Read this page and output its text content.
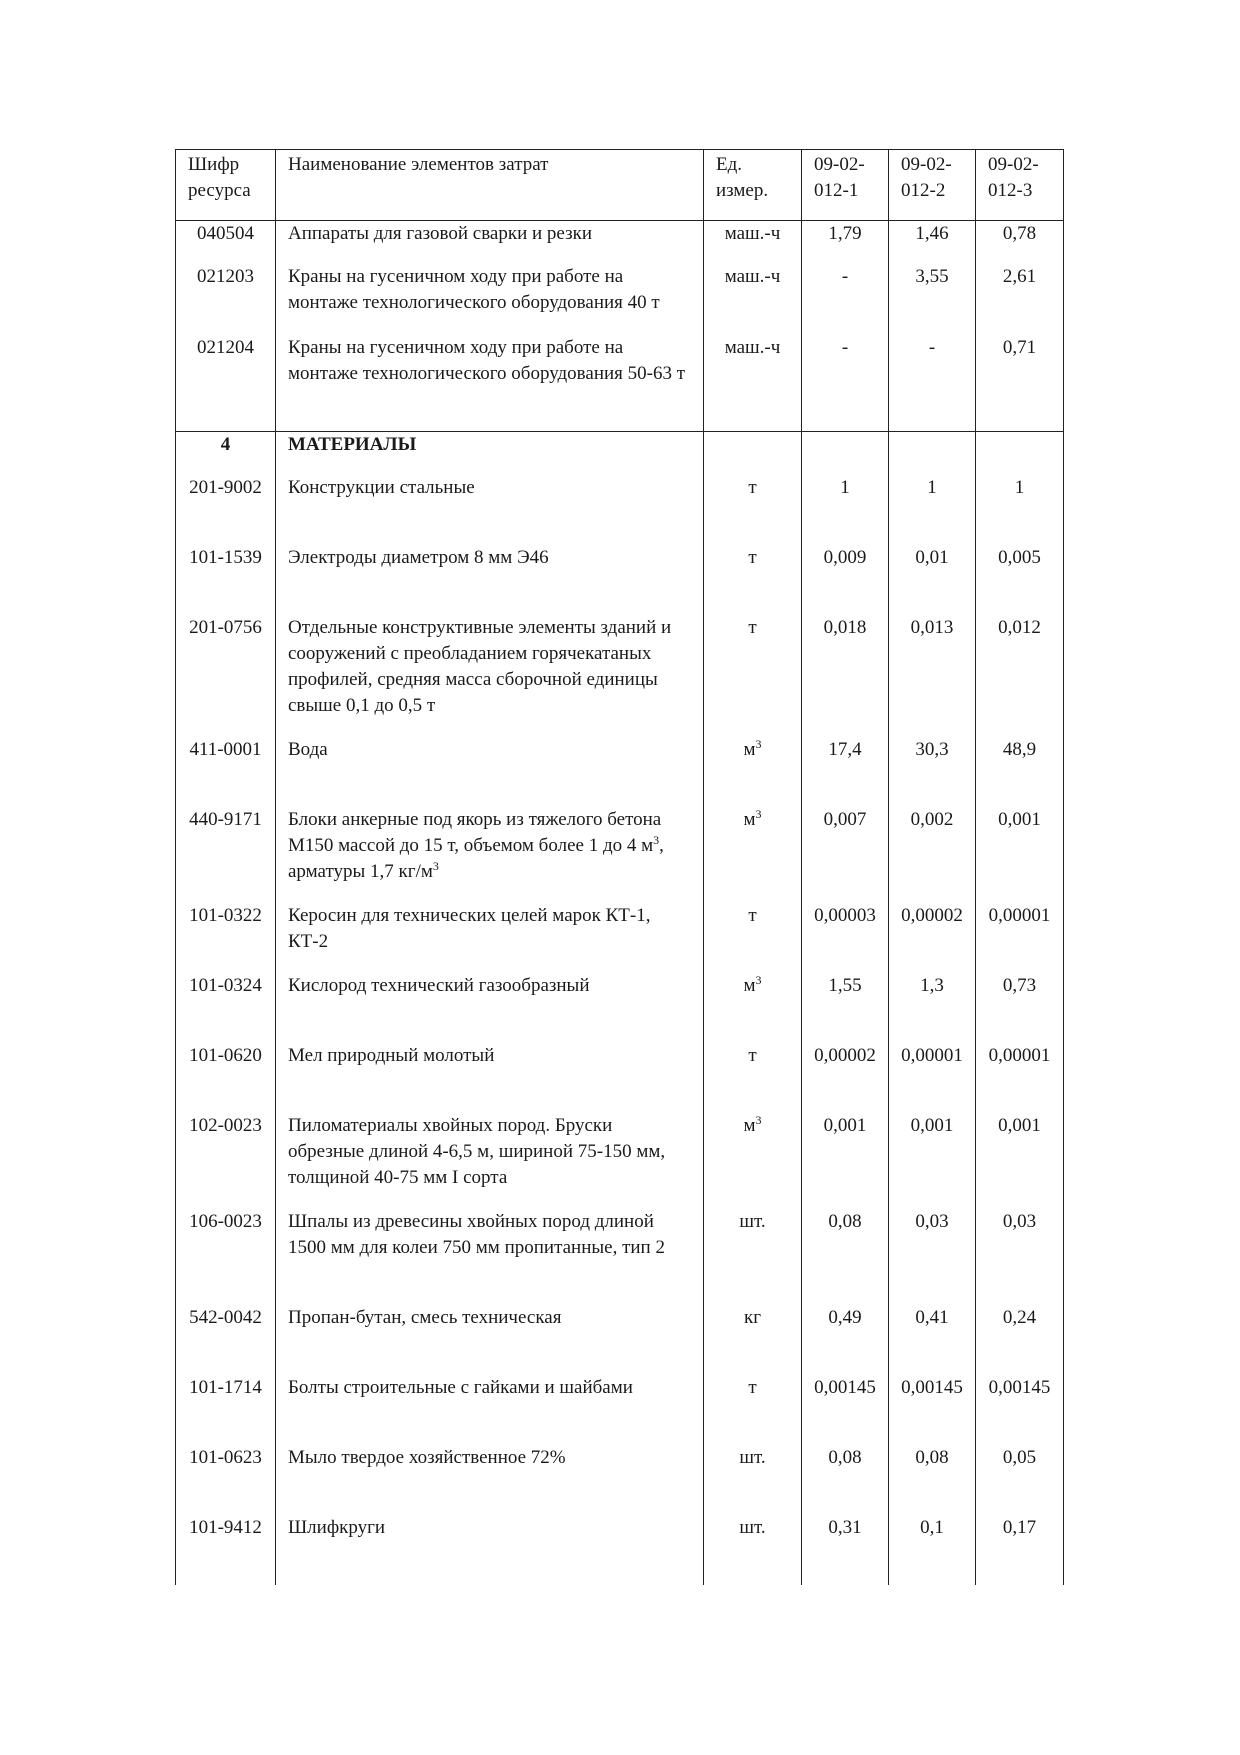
Шифр ресурса	Наименование элементов затрат	Ед. измер.	09-02-012-1	09-02-012-2	09-02-012-3

040504	Аппараты для газовой сварки и резки	маш.-ч	1,79	1,46	0,78

021203	Краны на гусеничном ходу при работе на монтаже технологического оборудования 40 т	маш.-ч	-	3,55	2,61

021204	Краны на гусеничном ходу при работе на монтаже технологического оборудования 50-63 т	маш.-ч	-	-	0,71

4	МАТЕРИАЛЫ				

201-9002	Конструкции стальные	т	1	1	1

101-1539	Электроды диаметром 8 мм Э46	т	0,009	0,01	0,005

201-0756	Отдельные конструктивные элементы зданий и сооружений с преобладанием горячекатаных профилей, средняя масса сборочной единицы свыше 0,1 до 0,5 т	т	0,018	0,013	0,012

411-0001	Вода	$м^3$	17,4	30,3	48,9

440-9171	Блоки анкерные под якорь из тяжелого бетона М150 массой до 15 т, объемом более 1 до 4 $м^3$, арматуры 1,7 $кг/м^3$	$м^3$	0,007	0,002	0,001

101-0322	Керосин для технических целей марок КТ-1, КТ-2	т	0,00003	0,00002	0,00001

101-0324	Кислород технический газообразный	$м^3$	1,55	1,3	0,73

101-0620	Мел природный молотый	т	0,00002	0,00001	0,00001

102-0023	Пиломатериалы хвойных пород. Бруски обрезные длиной 4-6,5 м, шириной 75-150 мм, толщиной 40-75 мм I сорта	$м^3$	0,001	0,001	0,001

106-0023	Шпалы из древесины хвойных пород длиной 1500 мм для колеи 750 мм пропитанные, тип 2	шт.	0,08	0,03	0,03

542-0042	Пропан-бутан, смесь техническая	кг	0,49	0,41	0,24

101-1714	Болты строительные с гайками и шайбами	т	0,00145	0,00145	0,00145

101-0623	Мыло твердое хозяйственное 72%	шт.	0,08	0,08	0,05

101-9412	Шлифкруги	шт.	0,31	0,1	0,17
